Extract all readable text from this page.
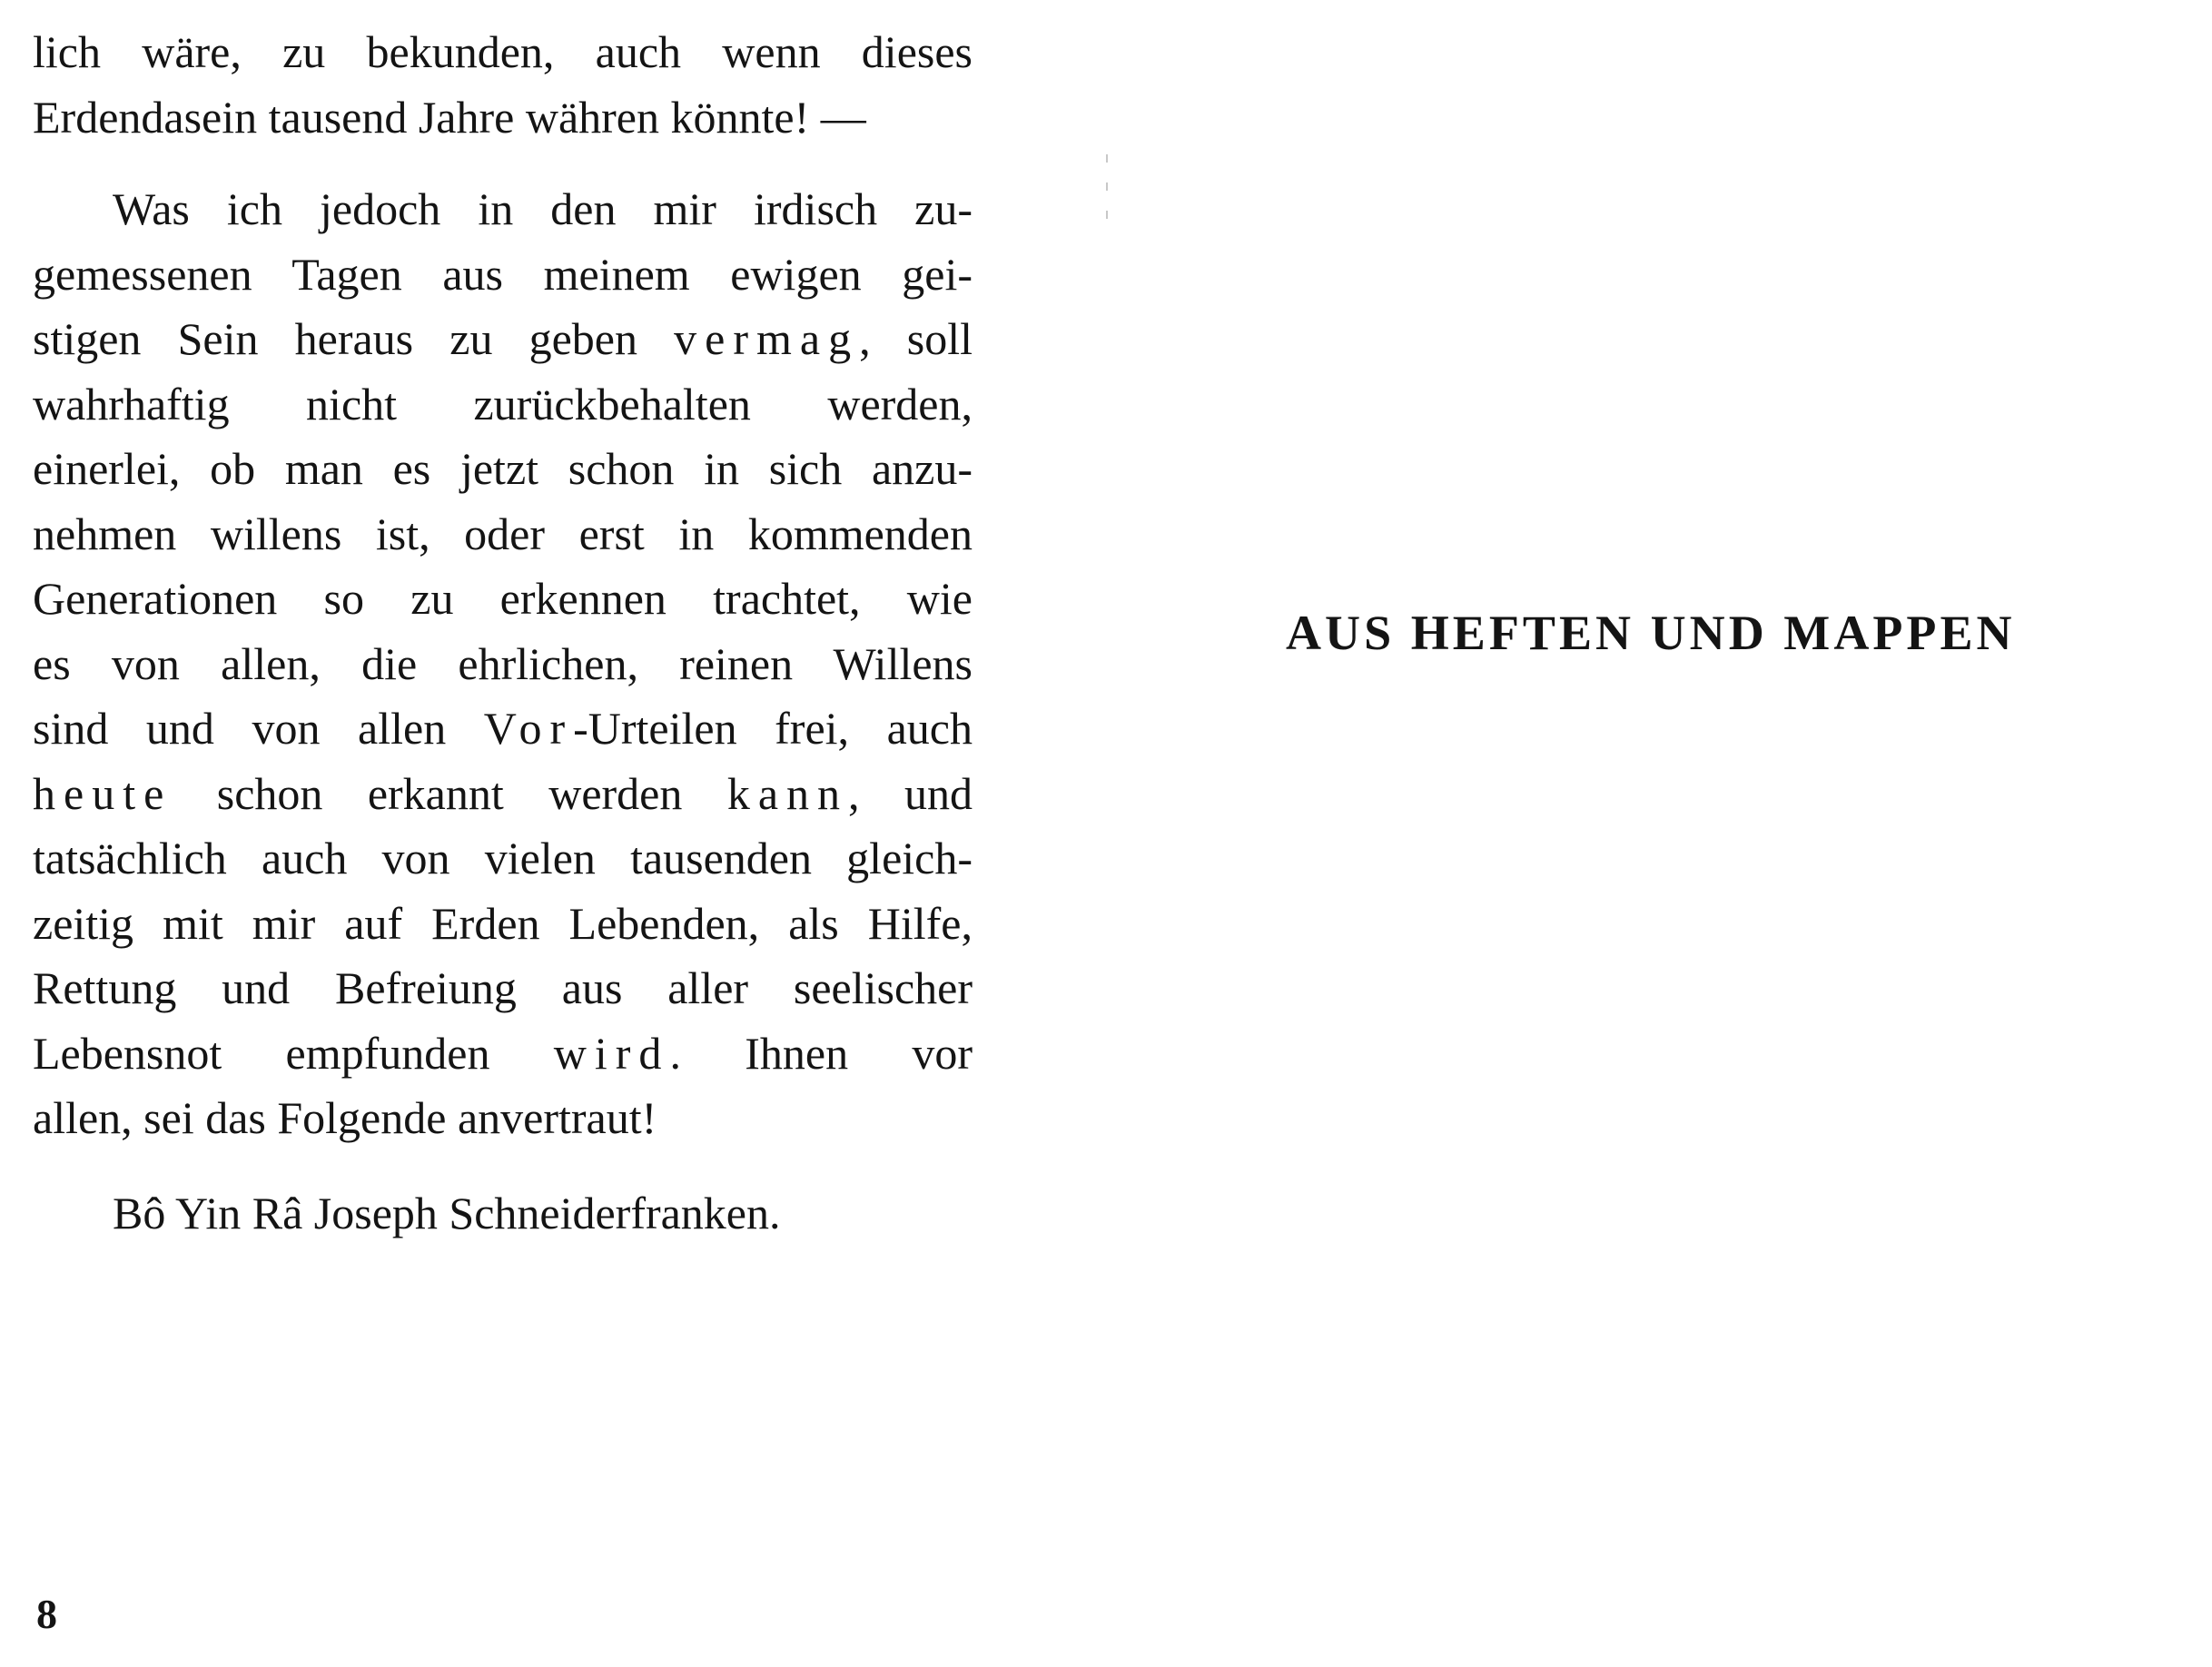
lich wäre, zu bekunden, auch wenn dieses
Erdendasein tausend Jahre währen könnte! —
Was ich jedoch in den mir irdisch zu-
gemessenen Tagen aus meinem ewigen gei-
stigen Sein heraus zu geben vermag, soll
wahrhaftig nicht zurückbehalten werden,
einerlei, ob man es jetzt schon in sich anzu-
nehmen willens ist, oder erst in kommenden
Generationen so zu erkennen trachtet, wie
es von allen, die ehrlichen, reinen Willens
sind und von allen Vor-Urteilen frei, auch
heute schon erkannt werden kann, und
tatsächlich auch von vielen tausenden gleich-
zeitig mit mir auf Erden Lebenden, als Hilfe,
Rettung und Befreiung aus aller seelischer
Lebensnot empfunden wird. Ihnen vor
allen, sei das Folgende anvertraut!
Bô Yin Râ Joseph Schneiderfranken.
8
AUS HEFTEN UND MAPPEN
